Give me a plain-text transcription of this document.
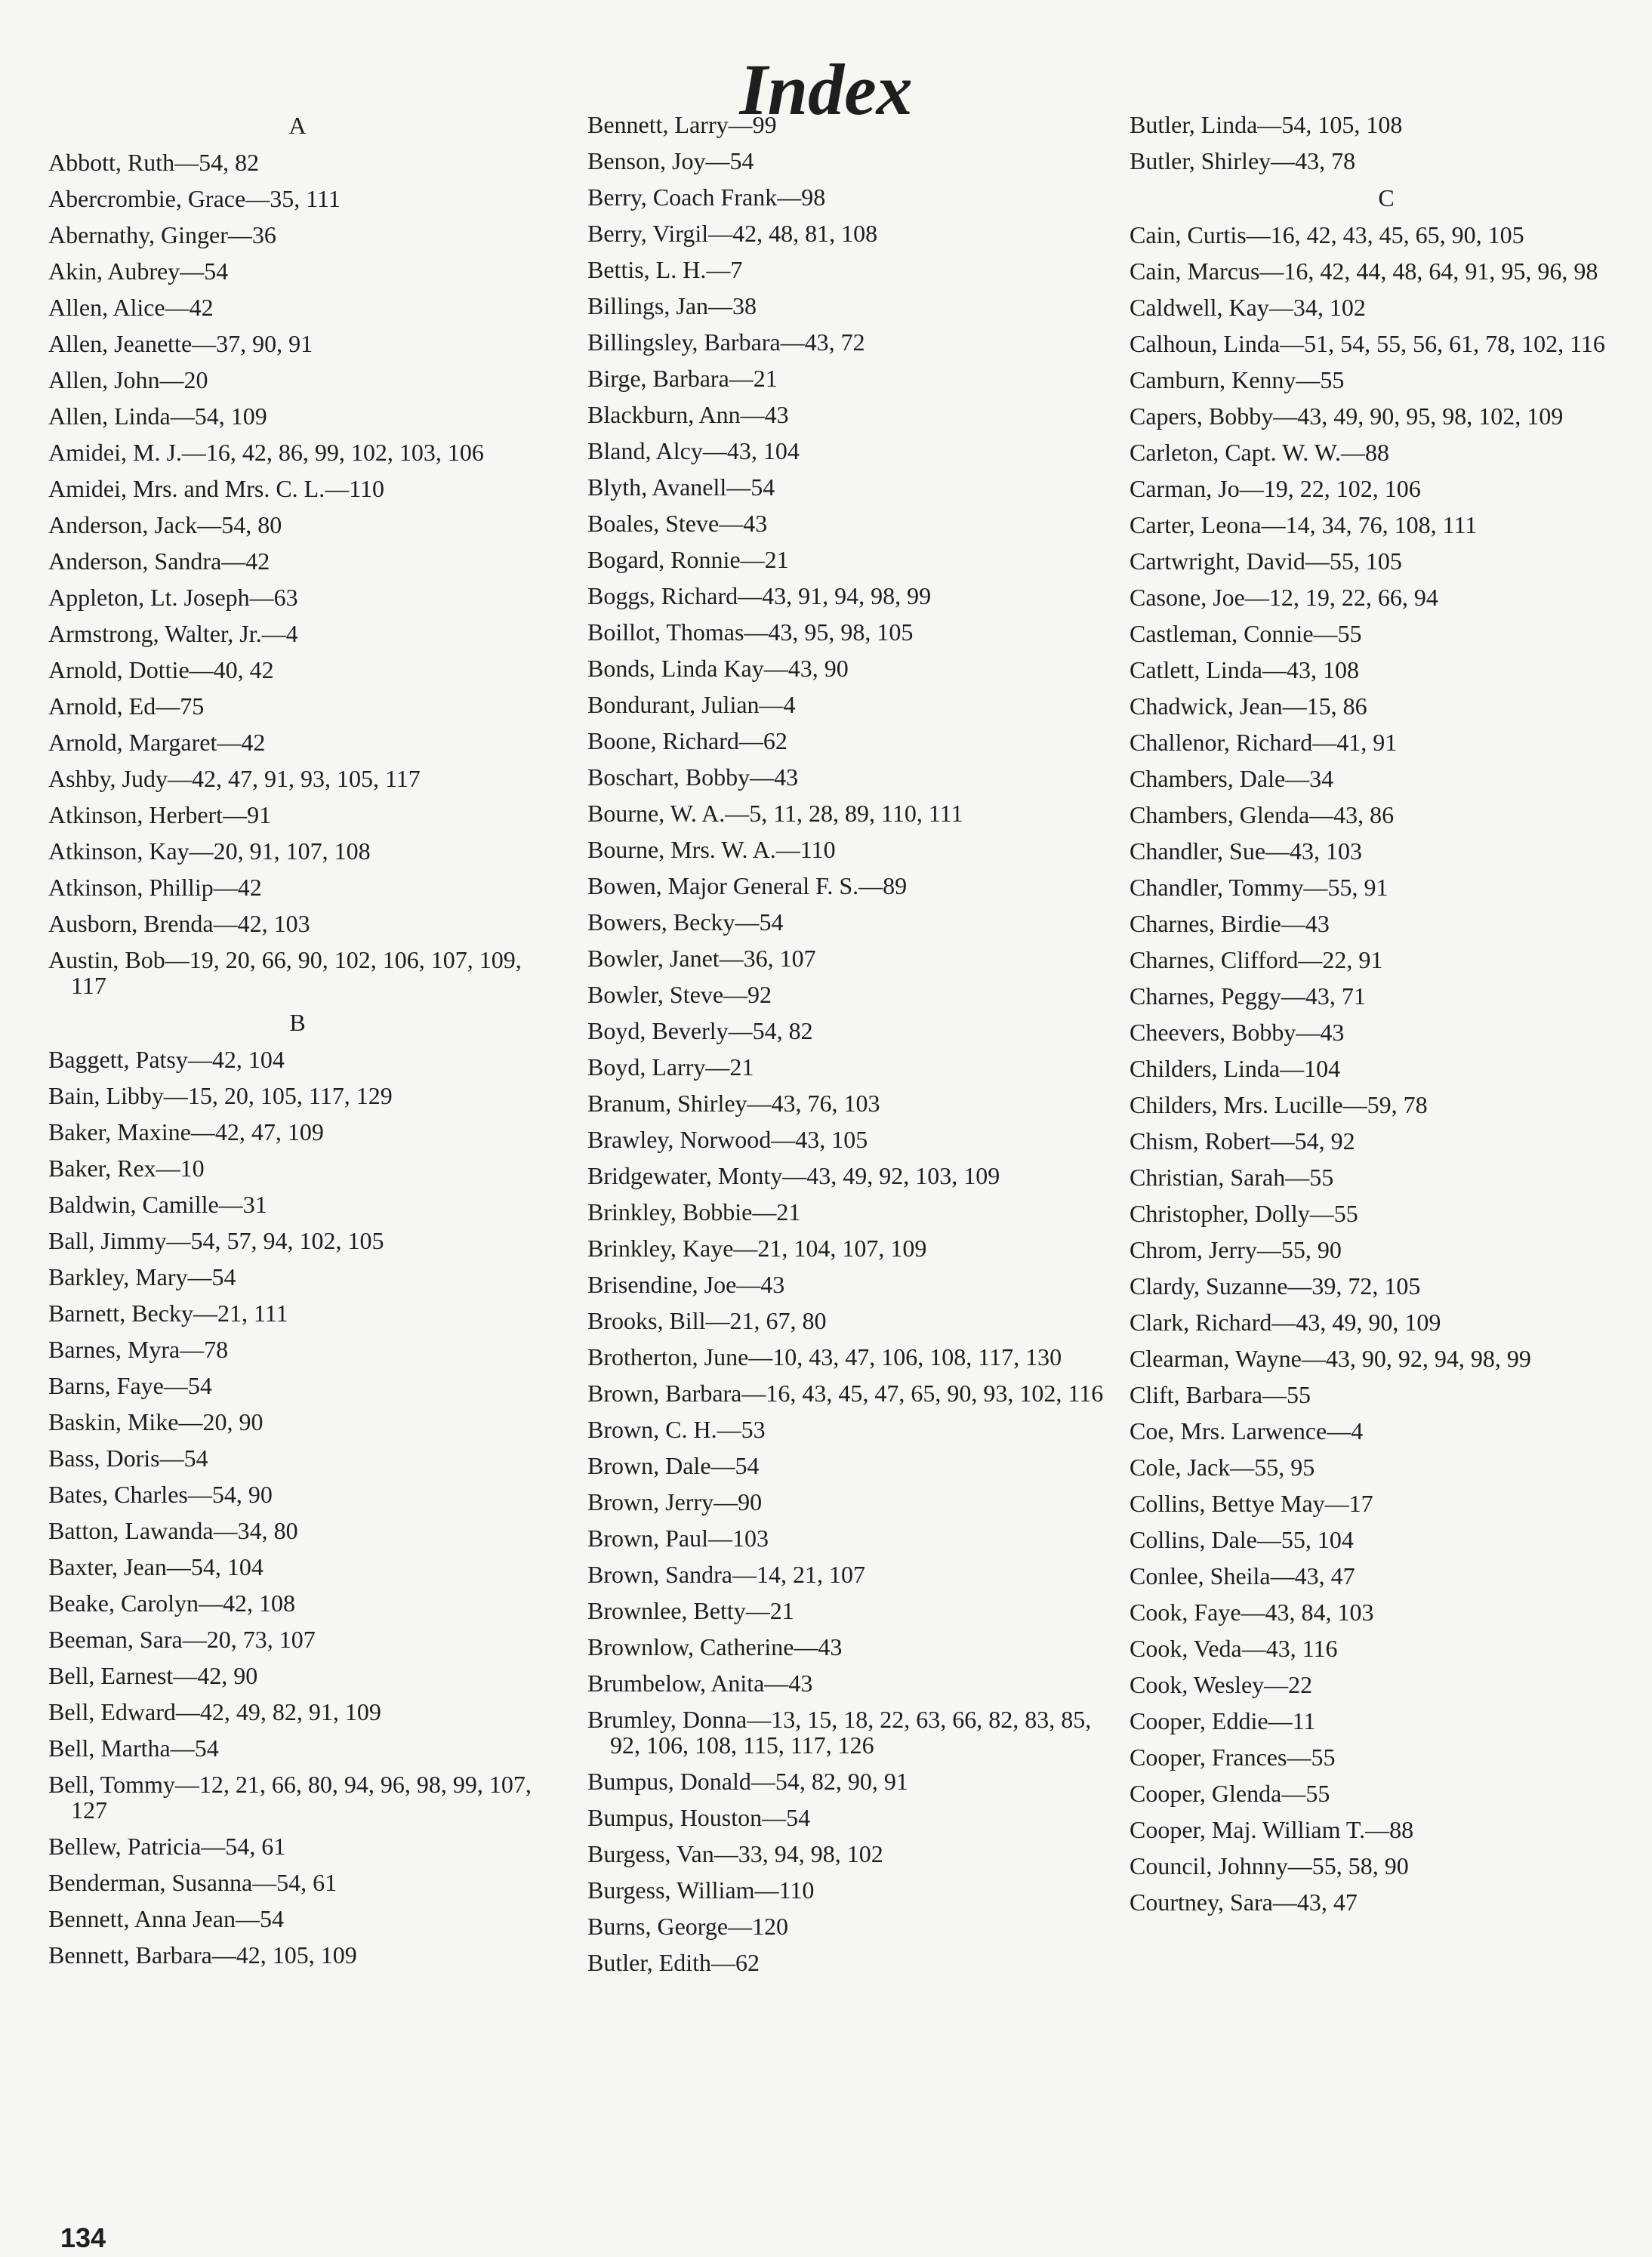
Index
A
Abbott, Ruth—54, 82
Abercrombie, Grace—35, 111
Abernathy, Ginger—36
Akin, Aubrey—54
Allen, Alice—42
Allen, Jeanette—37, 90, 91
Allen, John—20
Allen, Linda—54, 109
Amidei, M. J.—16, 42, 86, 99, 102, 103, 106
Amidei, Mrs. and Mrs. C. L.—110
Anderson, Jack—54, 80
Anderson, Sandra—42
Appleton, Lt. Joseph—63
Armstrong, Walter, Jr.—4
Arnold, Dottie—40, 42
Arnold, Ed—75
Arnold, Margaret—42
Ashby, Judy—42, 47, 91, 93, 105, 117
Atkinson, Herbert—91
Atkinson, Kay—20, 91, 107, 108
Atkinson, Phillip—42
Ausborn, Brenda—42, 103
Austin, Bob—19, 20, 66, 90, 102, 106, 107, 109, 117
B
Baggett, Patsy—42, 104
Bain, Libby—15, 20, 105, 117, 129
Baker, Maxine—42, 47, 109
Baker, Rex—10
Baldwin, Camille—31
Ball, Jimmy—54, 57, 94, 102, 105
Barkley, Mary—54
Barnett, Becky—21, 111
Barnes, Myra—78
Barns, Faye—54
Baskin, Mike—20, 90
Bass, Doris—54
Bates, Charles—54, 90
Batton, Lawanda—34, 80
Baxter, Jean—54, 104
Beake, Carolyn—42, 108
Beeman, Sara—20, 73, 107
Bell, Earnest—42, 90
Bell, Edward—42, 49, 82, 91, 109
Bell, Martha—54
Bell, Tommy—12, 21, 66, 80, 94, 96, 98, 99, 107, 127
Bellew, Patricia—54, 61
Benderman, Susanna—54, 61
Bennett, Anna Jean—54
Bennett, Barbara—42, 105, 109
Bennett, Larry—99
Benson, Joy—54
Berry, Coach Frank—98
Berry, Virgil—42, 48, 81, 108
Bettis, L. H.—7
Billings, Jan—38
Billingsley, Barbara—43, 72
Birge, Barbara—21
Blackburn, Ann—43
Bland, Alcy—43, 104
Blyth, Avanell—54
Boales, Steve—43
Bogard, Ronnie—21
Boggs, Richard—43, 91, 94, 98, 99
Boillot, Thomas—43, 95, 98, 105
Bonds, Linda Kay—43, 90
Bondurant, Julian—4
Boone, Richard—62
Boschart, Bobby—43
Bourne, W. A.—5, 11, 28, 89, 110, 111
Bourne, Mrs. W. A.—110
Bowen, Major General F. S.—89
Bowers, Becky—54
Bowler, Janet—36, 107
Bowler, Steve—92
Boyd, Beverly—54, 82
Boyd, Larry—21
Branum, Shirley—43, 76, 103
Brawley, Norwood—43, 105
Bridgewater, Monty—43, 49, 92, 103, 109
Brinkley, Bobbie—21
Brinkley, Kaye—21, 104, 107, 109
Brisendine, Joe—43
Brooks, Bill—21, 67, 80
Brotherton, June—10, 43, 47, 106, 108, 117, 130
Brown, Barbara—16, 43, 45, 47, 65, 90, 93, 102, 116
Brown, C. H.—53
Brown, Dale—54
Brown, Jerry—90
Brown, Paul—103
Brown, Sandra—14, 21, 107
Brownlee, Betty—21
Brownlow, Catherine—43
Brumbelow, Anita—43
Brumley, Donna—13, 15, 18, 22, 63, 66, 82, 83, 85, 92, 106, 108, 115, 117, 126
Bumpus, Donald—54, 82, 90, 91
Bumpus, Houston—54
Burgess, Van—33, 94, 98, 102
Burgess, William—110
Burns, George—120
Butler, Edith—62
Butler, Linda—54, 105, 108
Butler, Shirley—43, 78
C
Cain, Curtis—16, 42, 43, 45, 65, 90, 105
Cain, Marcus—16, 42, 44, 48, 64, 91, 95, 96, 98
Caldwell, Kay—34, 102
Calhoun, Linda—51, 54, 55, 56, 61, 78, 102, 116
Camburn, Kenny—55
Capers, Bobby—43, 49, 90, 95, 98, 102, 109
Carleton, Capt. W. W.—88
Carman, Jo—19, 22, 102, 106
Carter, Leona—14, 34, 76, 108, 111
Cartwright, David—55, 105
Casone, Joe—12, 19, 22, 66, 94
Castleman, Connie—55
Catlett, Linda—43, 108
Chadwick, Jean—15, 86
Challenor, Richard—41, 91
Chambers, Dale—34
Chambers, Glenda—43, 86
Chandler, Sue—43, 103
Chandler, Tommy—55, 91
Charnes, Birdie—43
Charnes, Clifford—22, 91
Charnes, Peggy—43, 71
Cheevers, Bobby—43
Childers, Linda—104
Childers, Mrs. Lucille—59, 78
Chism, Robert—54, 92
Christian, Sarah—55
Christopher, Dolly—55
Chrom, Jerry—55, 90
Clardy, Suzanne—39, 72, 105
Clark, Richard—43, 49, 90, 109
Clearman, Wayne—43, 90, 92, 94, 98, 99
Clift, Barbara—55
Coe, Mrs. Larwence—4
Cole, Jack—55, 95
Collins, Bettye May—17
Collins, Dale—55, 104
Conlee, Sheila—43, 47
Cook, Faye—43, 84, 103
Cook, Veda—43, 116
Cook, Wesley—22
Cooper, Eddie—11
Cooper, Frances—55
Cooper, Glenda—55
Cooper, Maj. William T.—88
Council, Johnny—55, 58, 90
Courtney, Sara—43, 47
134
